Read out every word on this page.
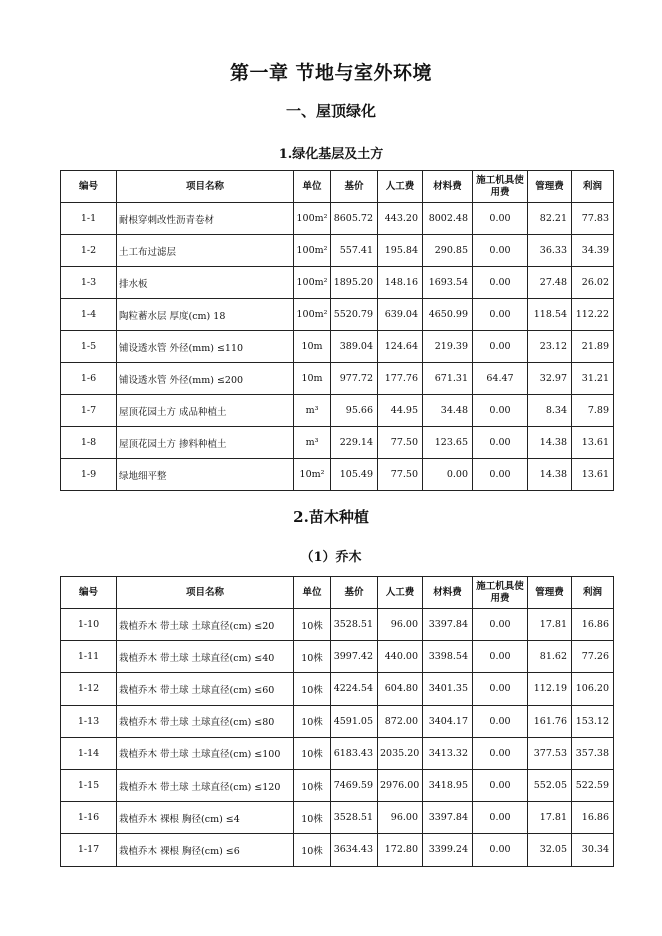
第一章 节地与室外环境
一、屋顶绿化
1.绿化基层及土方
编号	项目名称	单位	基价	人工费	材料费	施工机具使用费	管理费	利润
1-1	耐根穿刺改性沥青卷材	100m²	8605.72	443.20	8002.48	0.00	82.21	77.83
1-2	土工布过滤层	100m²	557.41	195.84	290.85	0.00	36.33	34.39
1-3	排水板	100m²	1895.20	148.16	1693.54	0.00	27.48	26.02
1-4	陶粒蓄水层 厚度(cm) 18	100m²	5520.79	639.04	4650.99	0.00	118.54	112.22
1-5	铺设透水管 外径(mm) ≤110	10m	389.04	124.64	219.39	0.00	23.12	21.89
1-6	铺设透水管 外径(mm) ≤200	10m	977.72	177.76	671.31	64.47	32.97	31.21
1-7	屋顶花园土方 成品种植土	m³	95.66	44.95	34.48	0.00	8.34	7.89
1-8	屋顶花园土方 掺料种植土	m³	229.14	77.50	123.65	0.00	14.38	13.61
1-9	绿地细平整	10m²	105.49	77.50	0.00	0.00	14.38	13.61
2.苗木种植
（1）乔木
编号	项目名称	单位	基价	人工费	材料费	施工机具使用费	管理费	利润
1-10	栽植乔木 带土球 土球直径(cm) ≤20	10株	3528.51	96.00	3397.84	0.00	17.81	16.86
1-11	栽植乔木 带土球 土球直径(cm) ≤40	10株	3997.42	440.00	3398.54	0.00	81.62	77.26
1-12	栽植乔木 带土球 土球直径(cm) ≤60	10株	4224.54	604.80	3401.35	0.00	112.19	106.20
1-13	栽植乔木 带土球 土球直径(cm) ≤80	10株	4591.05	872.00	3404.17	0.00	161.76	153.12
1-14	栽植乔木 带土球 土球直径(cm) ≤100	10株	6183.43	2035.20	3413.32	0.00	377.53	357.38
1-15	栽植乔木 带土球 土球直径(cm) ≤120	10株	7469.59	2976.00	3418.95	0.00	552.05	522.59
1-16	栽植乔木 裸根 胸径(cm) ≤4	10株	3528.51	96.00	3397.84	0.00	17.81	16.86
1-17	栽植乔木 裸根 胸径(cm) ≤6	10株	3634.43	172.80	3399.24	0.00	32.05	30.34
